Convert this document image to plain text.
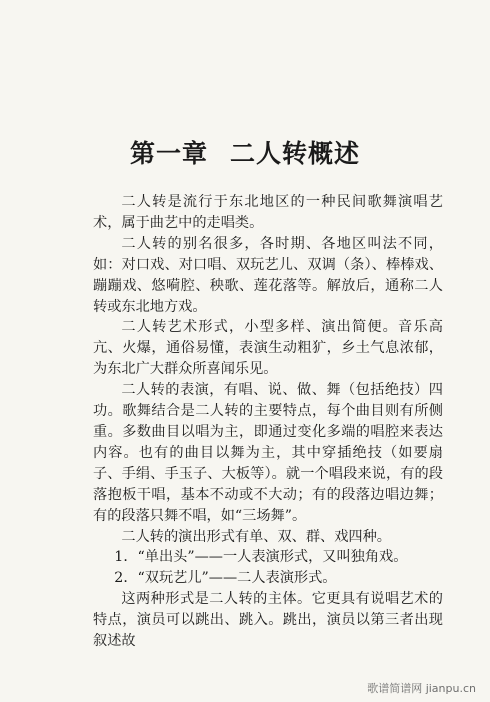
第一章 二人转概述

二人转是流行于东北地区的一种民间歌舞演唱艺术，属于曲艺中的走唱类。

二人转的别名很多，各时期、各地区叫法不同，如：对口戏、对口唱、双玩艺儿、双调（条）、棒棒戏、蹦蹦戏、悠嗬腔、秧歌、莲花落等。解放后，通称二人转或东北地方戏。

二人转艺术形式，小型多样、演出简便。音乐高亢、火爆，通俗易懂，表演生动粗犷，乡土气息浓郁，为东北广大群众所喜闻乐见。

二人转的表演，有唱、说、做、舞（包括绝技）四功。歌舞结合是二人转的主要特点，每个曲目则有所侧重。多数曲目以唱为主，即通过变化多端的唱腔来表达内容。也有的曲目以舞为主，其中穿插绝技（如要扇子、手绢、手玉子、大板等）。就一个唱段来说，有的段落抱板干唱，基本不动或不大动；有的段落边唱边舞；有的段落只舞不唱，如“三场舞”。

二人转的演出形式有单、双、群、戏四种。

1．“单出头”——一人表演形式，又叫独角戏。

2．“双玩艺儿”——二人表演形式。

这两种形式是二人转的主体。它更具有说唱艺术的特点，演员可以跳出、跳入。跳出，演员以第三者出现叙述故

歌谱简谱网 jianpu.cn
